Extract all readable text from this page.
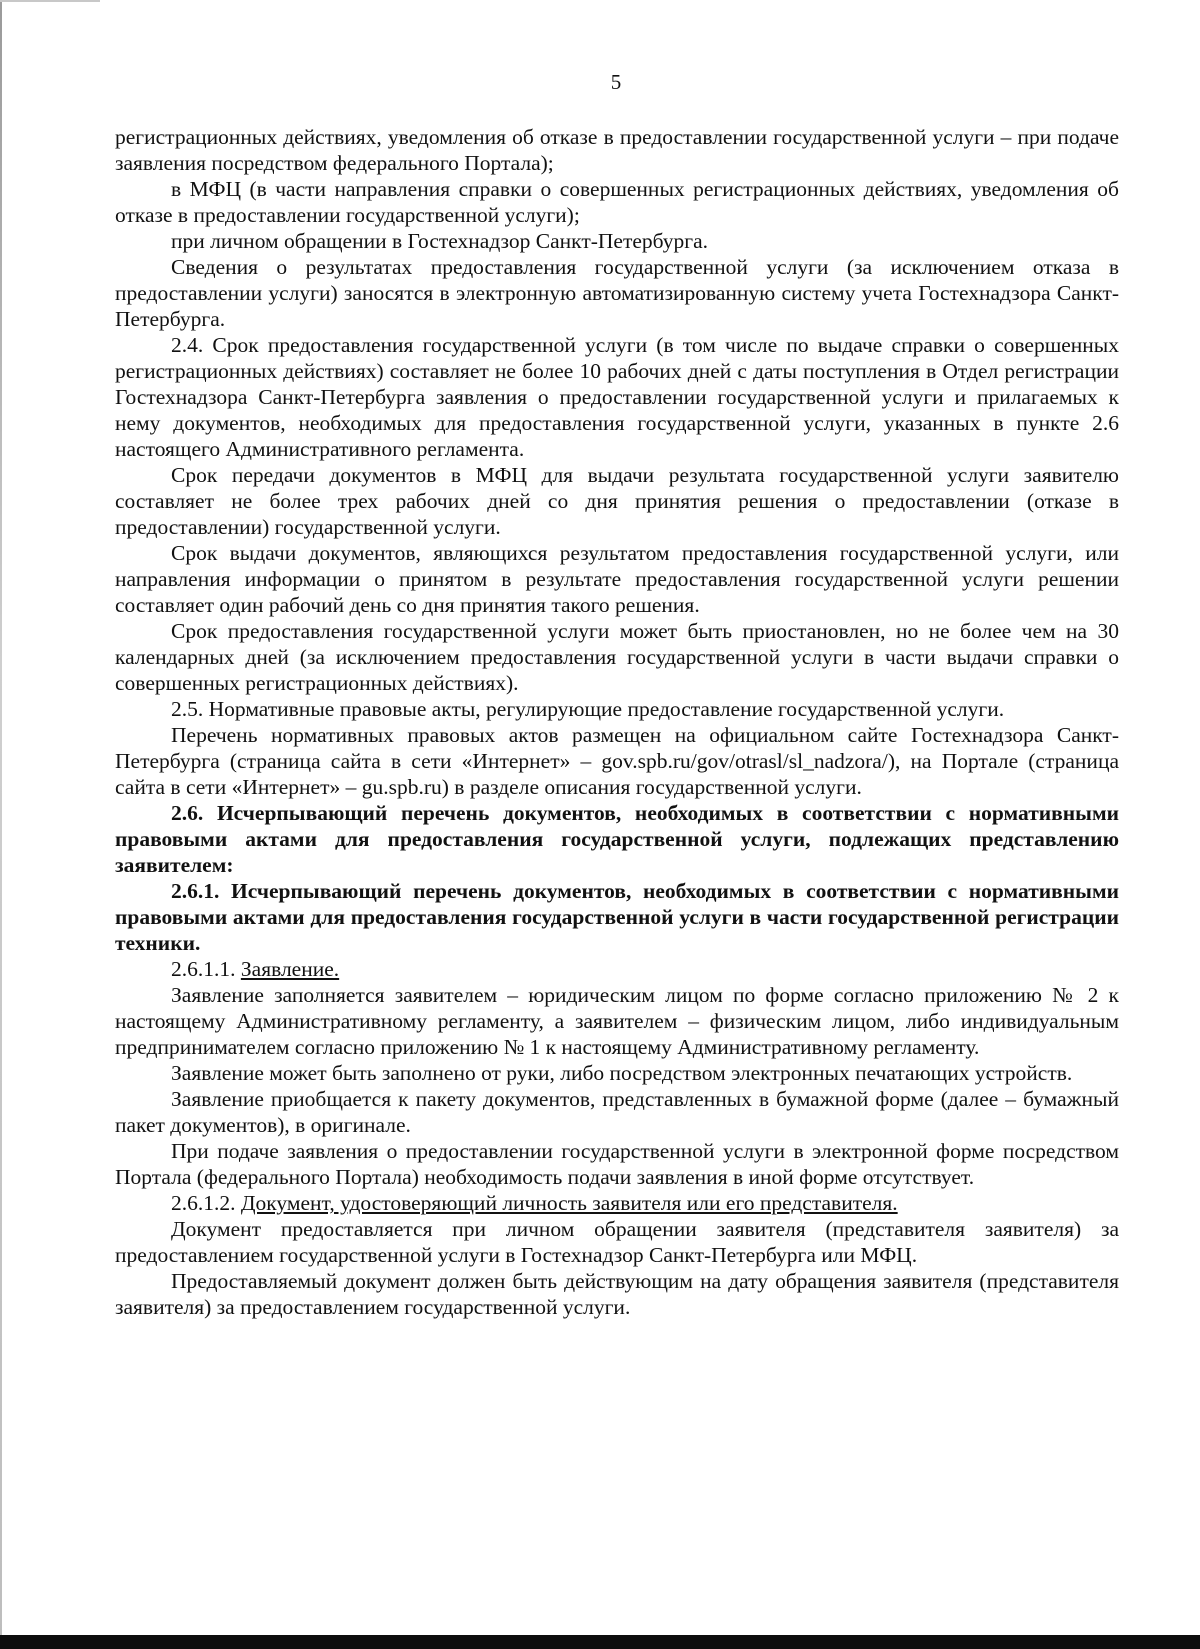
5

регистрационных действиях, уведомления об отказе в предоставлении государственной услуги – при подаче заявления посредством федерального Портала);

в МФЦ (в части направления справки о совершенных регистрационных действиях, уведомления об отказе в предоставлении государственной услуги);

при личном обращении в Гостехнадзор Санкт-Петербурга.

Сведения о результатах предоставления государственной услуги (за исключением отказа в предоставлении услуги) заносятся в электронную автоматизированную систему учета Гостехнадзора Санкт-Петербурга.

2.4. Срок предоставления государственной услуги (в том числе по выдаче справки о совершенных регистрационных действиях) составляет не более 10 рабочих дней с даты поступления в Отдел регистрации Гостехнадзора Санкт-Петербурга заявления о предоставлении государственной услуги и прилагаемых к нему документов, необходимых для предоставления государственной услуги, указанных в пункте 2.6 настоящего Административного регламента.

Срок передачи документов в МФЦ для выдачи результата государственной услуги заявителю составляет не более трех рабочих дней со дня принятия решения о предоставлении (отказе в предоставлении) государственной услуги.

Срок выдачи документов, являющихся результатом предоставления государственной услуги, или направления информации о принятом в результате предоставления государственной услуги решении составляет один рабочий день со дня принятия такого решения.

Срок предоставления государственной услуги может быть приостановлен, но не более чем на 30 календарных дней (за исключением предоставления государственной услуги в части выдачи справки о совершенных регистрационных действиях).

2.5. Нормативные правовые акты, регулирующие предоставление государственной услуги.

Перечень нормативных правовых актов размещен на официальном сайте Гостехнадзора Санкт-Петербурга (страница сайта в сети «Интернет» – gov.spb.ru/gov/otrasl/sl_nadzora/), на Портале (страница сайта в сети «Интернет» – gu.spb.ru) в разделе описания государственной услуги.

2.6. Исчерпывающий перечень документов, необходимых в соответствии с нормативными правовыми актами для предоставления государственной услуги, подлежащих представлению заявителем:

2.6.1. Исчерпывающий перечень документов, необходимых в соответствии с нормативными правовыми актами для предоставления государственной услуги в части государственной регистрации техники.

2.6.1.1. Заявление.

Заявление заполняется заявителем – юридическим лицом по форме согласно приложению № 2 к настоящему Административному регламенту, а заявителем – физическим лицом, либо индивидуальным предпринимателем согласно приложению № 1 к настоящему Административному регламенту.

Заявление может быть заполнено от руки, либо посредством электронных печатающих устройств.

Заявление приобщается к пакету документов, представленных в бумажной форме (далее – бумажный пакет документов), в оригинале.

При подаче заявления о предоставлении государственной услуги в электронной форме посредством Портала (федерального Портала) необходимость подачи заявления в иной форме отсутствует.

2.6.1.2. Документ, удостоверяющий личность заявителя или его представителя.

Документ предоставляется при личном обращении заявителя (представителя заявителя) за предоставлением государственной услуги в Гостехнадзор Санкт-Петербурга или МФЦ.

Предоставляемый документ должен быть действующим на дату обращения заявителя (представителя заявителя) за предоставлением государственной услуги.
